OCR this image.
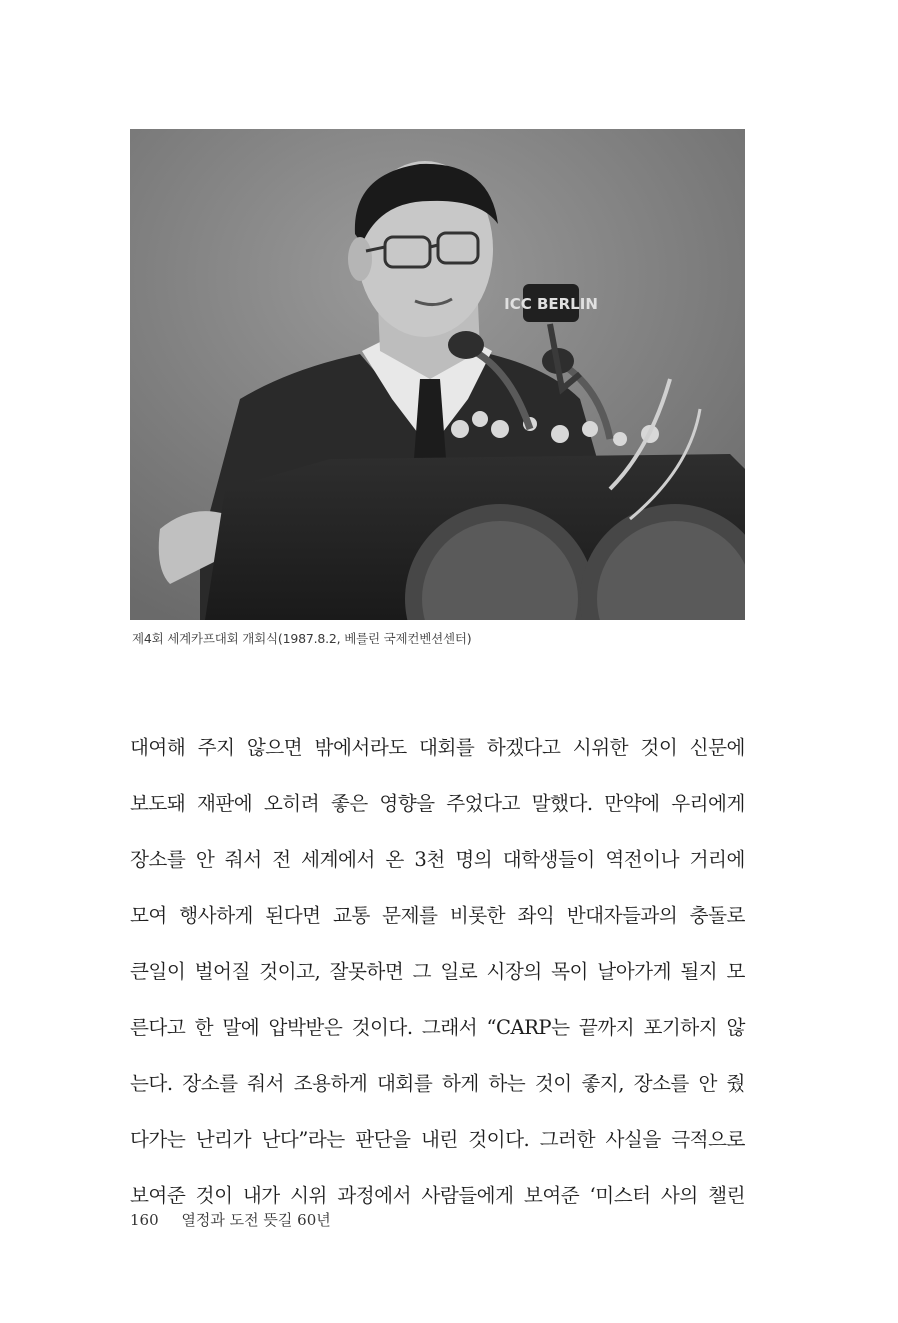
ICC BERLIN
제4회 세계카프대회 개회식(1987.8.2, 베를린 국제컨벤션센터)
대여해 주지 않으면 밖에서라도 대회를 하겠다고 시위한 것이 신문에
보도돼 재판에 오히려 좋은 영향을 주었다고 말했다. 만약에 우리에게
장소를 안 줘서 전 세계에서 온 3천 명의 대학생들이 역전이나 거리에
모여 행사하게 된다면 교통 문제를 비롯한 좌익 반대자들과의 충돌로
큰일이 벌어질 것이고, 잘못하면 그 일로 시장의 목이 날아가게 될지 모
른다고 한 말에 압박받은 것이다. 그래서 “CARP는 끝까지 포기하지 않
는다. 장소를 줘서 조용하게 대회를 하게 하는 것이 좋지, 장소를 안 줬
다가는 난리가 난다”라는 판단을 내린 것이다. 그러한 사실을 극적으로
보여준 것이 내가 시위 과정에서 사람들에게 보여준 ‘미스터 사의 챌린
160 열정과 도전 뜻길 60년
